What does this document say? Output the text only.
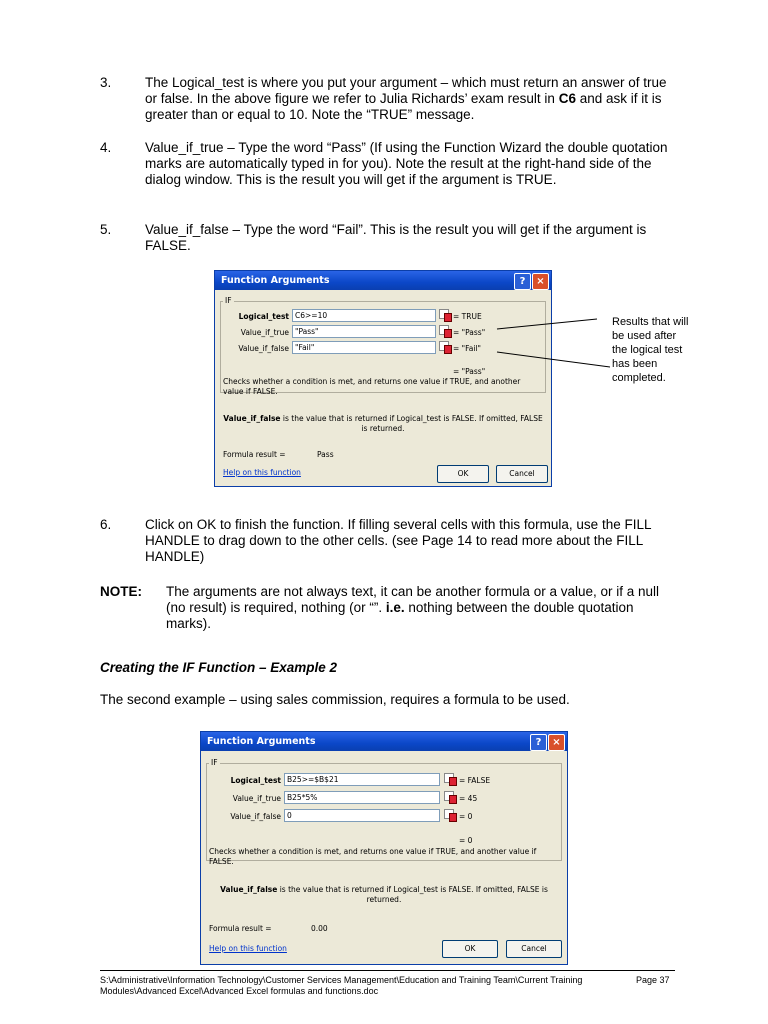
3. The Logical_test is where you put your argument – which must return an answer of true or false. In the above figure we refer to Julia Richards’ exam result in C6 and ask if it is greater than or equal to 10. Note the “TRUE” message.
4. Value_if_true – Type the word “Pass” (If using the Function Wizard the double quotation marks are automatically typed in for you). Note the result at the right-hand side of the dialog window. This is the result you will get if the argument is TRUE.
5. Value_if_false – Type the word “Fail”. This is the result you will get if the argument is FALSE.
Function Arguments	?	×
IF
Logical_test C6>=10	= TRUE
Value_if_true "Pass"	= "Pass"
Value_if_false "Fail"	= "Fail"
= "Pass"
Checks whether a condition is met, and returns one value if TRUE, and another value if FALSE.
Value_if_false is the value that is returned if Logical_test is FALSE. If omitted, FALSE is returned.
Formula result =	Pass
Help on this function	OK	Cancel
Results that will be used after the logical test has been completed.
6. Click on OK to finish the function. If filling several cells with this formula, use the FILL HANDLE to drag down to the other cells. (see Page 14 to read more about the FILL HANDLE)
NOTE: The arguments are not always text, it can be another formula or a value, or if a null (no result) is required, nothing (or “”. i.e. nothing between the double quotation marks).
Creating the IF Function – Example 2
The second example – using sales commission, requires a formula to be used.
Function Arguments	?	×
IF
Logical_test B25>=$B$21	= FALSE
Value_if_true B25*5%	= 45
Value_if_false 0	= 0
= 0
Checks whether a condition is met, and returns one value if TRUE, and another value if FALSE.
Value_if_false is the value that is returned if Logical_test is FALSE. If omitted, FALSE is returned.
Formula result =	0.00
Help on this function	OK	Cancel
S:\Administrative\Information Technology\Customer Services Management\Education and Training Team\Current Training Modules\Advanced Excel\Advanced Excel formulas and functions.doc
Page 37
